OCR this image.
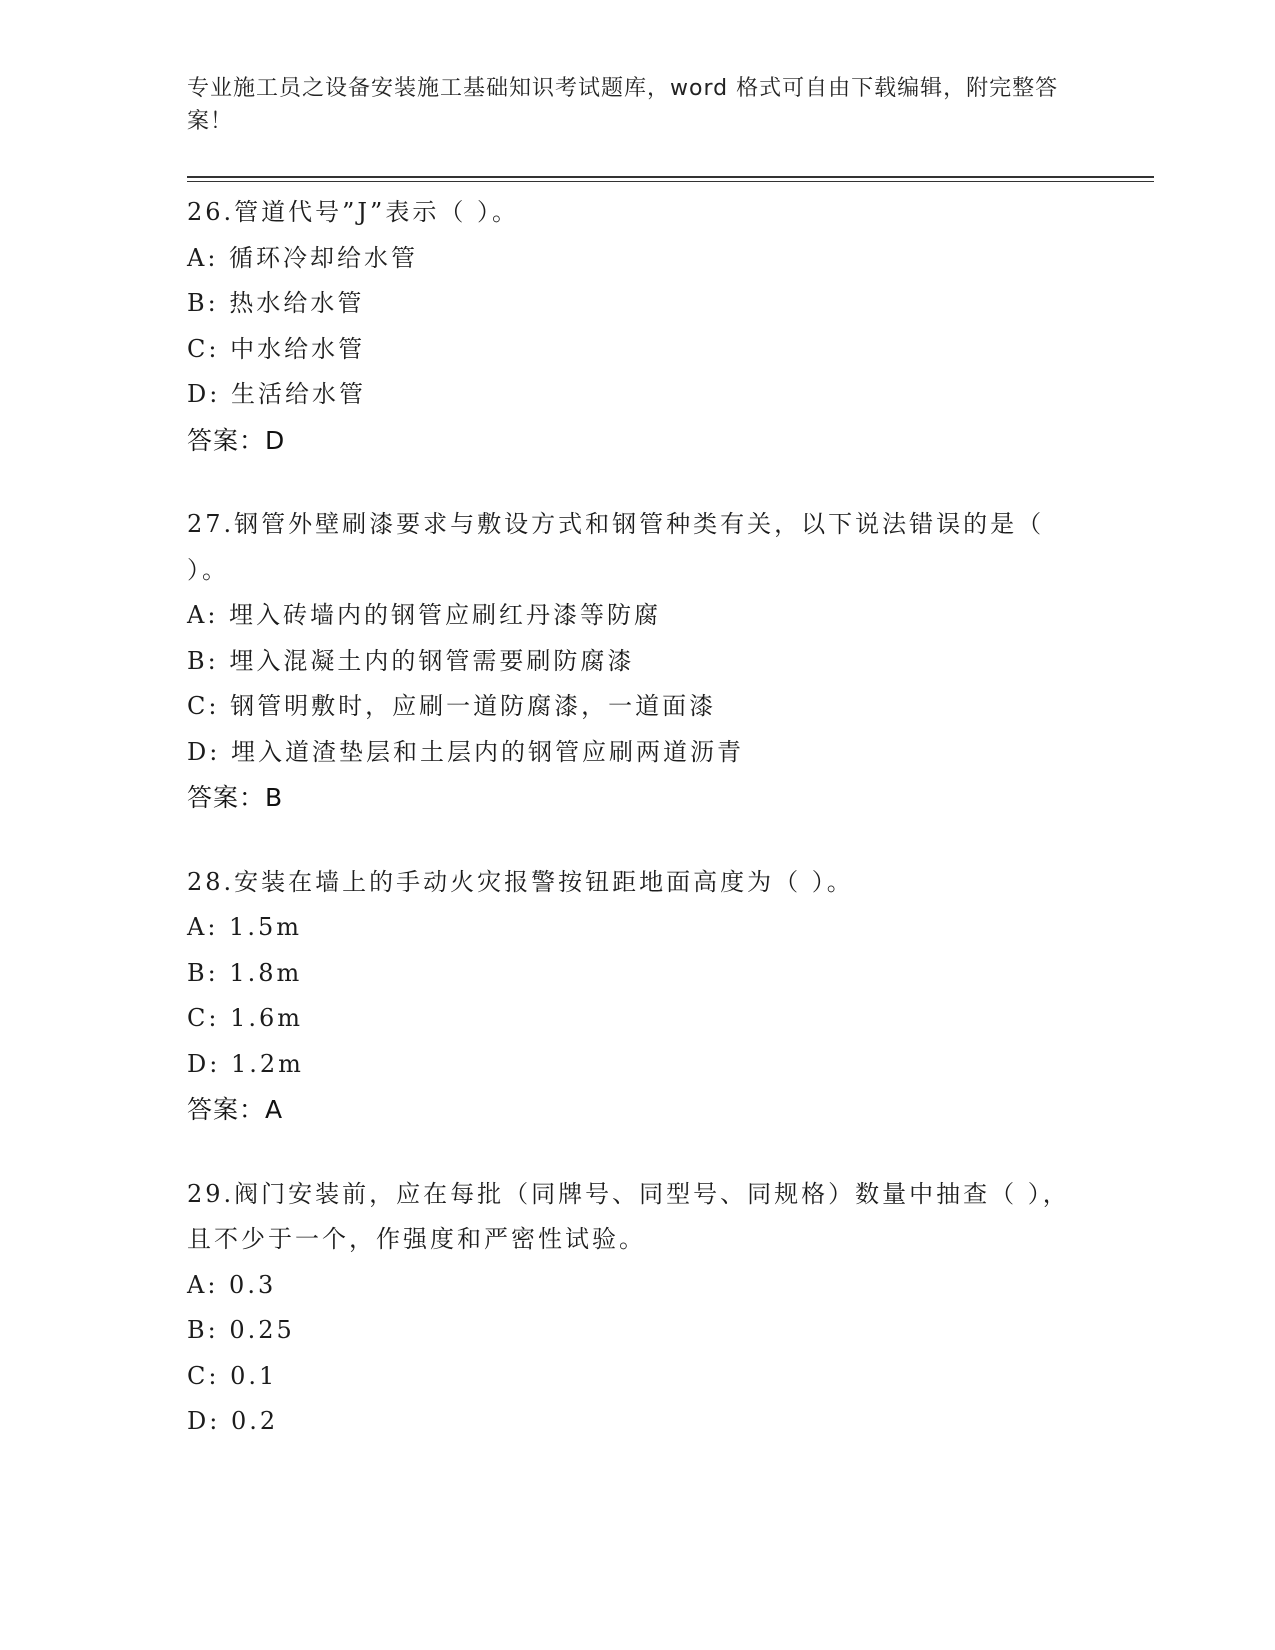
专业施工员之设备安装施工基础知识考试题库，word 格式可自由下载编辑，附完整答案！
26.管道代号”J”表示（ ）。
A: 循环冷却给水管
B: 热水给水管
C: 中水给水管
D: 生活给水管
答案：D
27.钢管外壁刷漆要求与敷设方式和钢管种类有关，以下说法错误的是（ ）。
A: 埋入砖墙内的钢管应刷红丹漆等防腐
B: 埋入混凝土内的钢管需要刷防腐漆
C: 钢管明敷时，应刷一道防腐漆，一道面漆
D: 埋入道渣垫层和土层内的钢管应刷两道沥青
答案：B
28.安装在墙上的手动火灾报警按钮距地面高度为（ ）。
A: 1.5m
B: 1.8m
C: 1.6m
D: 1.2m
答案：A
29.阀门安装前，应在每批（同牌号、同型号、同规格）数量中抽查（ ），且不少于一个，作强度和严密性试验。
A: 0.3
B: 0.25
C: 0.1
D: 0.2
